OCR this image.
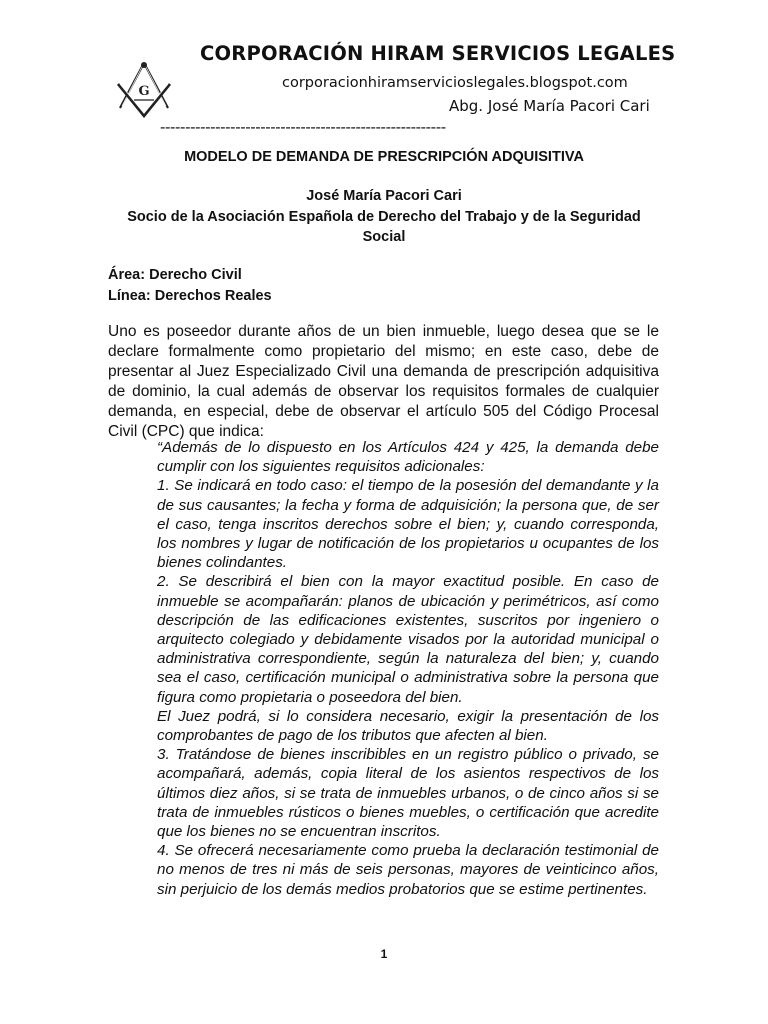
G
CORPORACIÓN HIRAM SERVICIOS LEGALES
corporacionhiramservicioslegales.blogspot.com
Abg. José María Pacori Cari
---------------------------------------------------------
MODELO DE DEMANDA DE PRESCRIPCIÓN ADQUISITIVA
José María Pacori Cari
Socio de la Asociación Española de Derecho del Trabajo y de la Seguridad Social
Área: Derecho Civil
Línea: Derechos Reales
Uno es poseedor durante años de un bien inmueble, luego desea que se le declare formalmente como propietario del mismo; en este caso, debe de presentar al Juez Especializado Civil una demanda de prescripción adquisitiva de dominio, la cual además de observar los requisitos formales de cualquier demanda, en especial, debe de observar el artículo 505 del Código Procesal Civil (CPC) que indica:

“Además de lo dispuesto en los Artículos 424 y 425, la demanda debe cumplir con los siguientes requisitos adicionales:

1. Se indicará en todo caso: el tiempo de la posesión del demandante y la de sus causantes; la fecha y forma de adquisición; la persona que, de ser el caso, tenga inscritos derechos sobre el bien; y, cuando corresponda, los nombres y lugar de notificación de los propietarios u ocupantes de los bienes colindantes.

2. Se describirá el bien con la mayor exactitud posible. En caso de inmueble se acompañarán: planos de ubicación y perimétricos, así como descripción de las edificaciones existentes, suscritos por ingeniero o arquitecto colegiado y debidamente visados por la autoridad municipal o administrativa correspondiente, según la naturaleza del bien; y, cuando sea el caso, certificación municipal o administrativa sobre la persona que figura como propietaria o poseedora del bien.

El Juez podrá, si lo considera necesario, exigir la presentación de los comprobantes de pago de los tributos que afecten al bien.

3. Tratándose de bienes inscribibles en un registro público o privado, se acompañará, además, copia literal de los asientos respectivos de los últimos diez años, si se trata de inmuebles urbanos, o de cinco años si se trata de inmuebles rústicos o bienes muebles, o certificación que acredite que los bienes no se encuentran inscritos.

4. Se ofrecerá necesariamente como prueba la declaración testimonial de no menos de tres ni más de seis personas, mayores de veinticinco años, sin perjuicio de los demás medios probatorios que se estime pertinentes.

1
